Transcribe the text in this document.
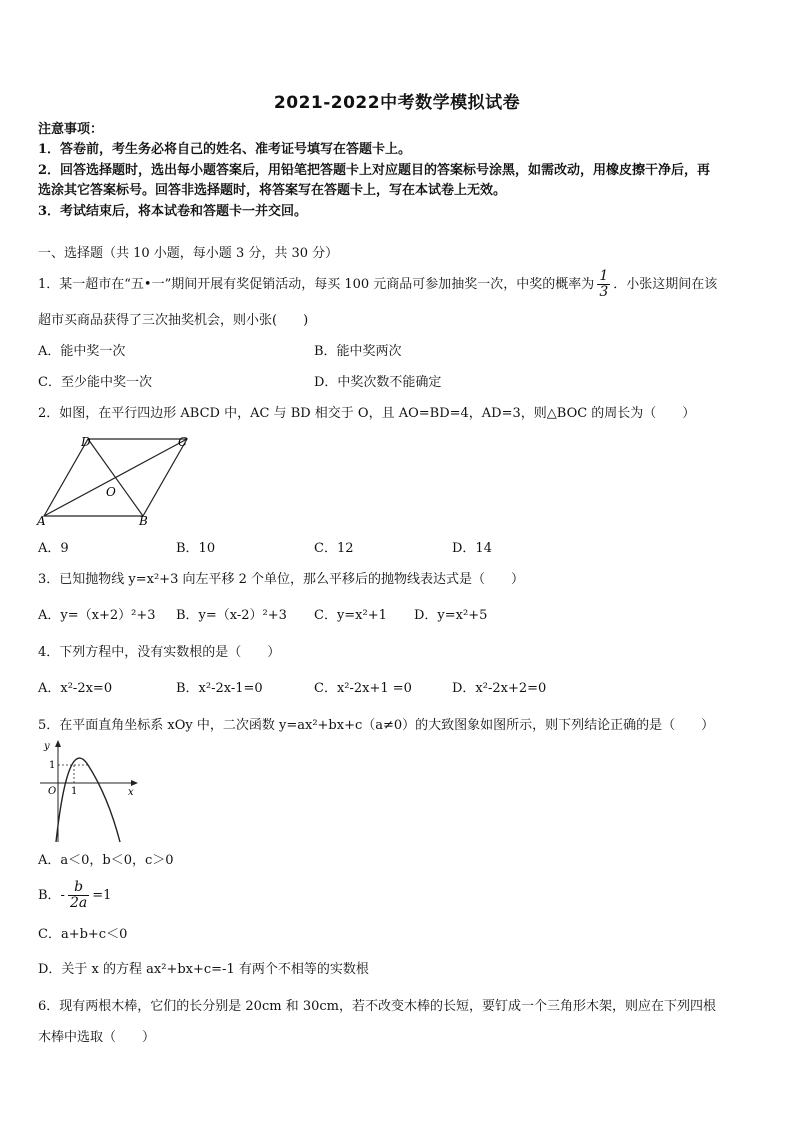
2021-2022中考数学模拟试卷
注意事项：
1．答卷前，考生务必将自己的姓名、准考证号填写在答题卡上。
2．回答选择题时，选出每小题答案后，用铅笔把答题卡上对应题目的答案标号涂黑，如需改动，用橡皮擦干净后，再
选涂其它答案标号。回答非选择题时，将答案写在答题卡上，写在本试卷上无效。
3．考试结束后，将本试卷和答题卡一并交回。
一、选择题（共 10 小题，每小题 3 分，共 30 分）
1．某一超市在“五•一”期间开展有奖促销活动，每买 100 元商品可参加抽奖一次，中奖的概率为 $\frac{1}{3}$ ．小张这期间在该
超市买商品获得了三次抽奖机会，则小张(　　)
A．能中奖一次	B．能中奖两次
C．至少能中奖一次	D．中奖次数不能确定
2．如图，在平行四边形 ABCD 中，AC 与 BD 相交于 O，且 AO=BD=4，AD=3，则△BOC 的周长为（　　）
D	C
A	B
O
A．9	B．10	C．12	D．14
3．已知抛物线 y=x²+3 向左平移 2 个单位，那么平移后的抛物线表达式是（　　）
A．y=（x+2）²+3 B．y=（x-2）²+3 C．y=x²+1 D．y=x²+5
4．下列方程中，没有实数根的是（　　）
A．x²-2x=0	B．x²-2x-1=0	C．x²-2x+1 =0	D．x²-2x+2=0
5．在平面直角坐标系 xOy 中，二次函数 y=ax²+bx+c（a≠0）的大致图象如图所示，则下列结论正确的是（　　）
y
x
O 1
1
A．a＜0，b＜0，c＞0
B．- $\frac{b}{2a} =1$
C．a+b+c＜0
D．关于 x 的方程 ax²+bx+c=-1 有两个不相等的实数根
6．现有两根木棒，它们的长分别是 20cm 和 30cm，若不改变木棒的长短，要钉成一个三角形木架，则应在下列四根
木棒中选取（　　）
